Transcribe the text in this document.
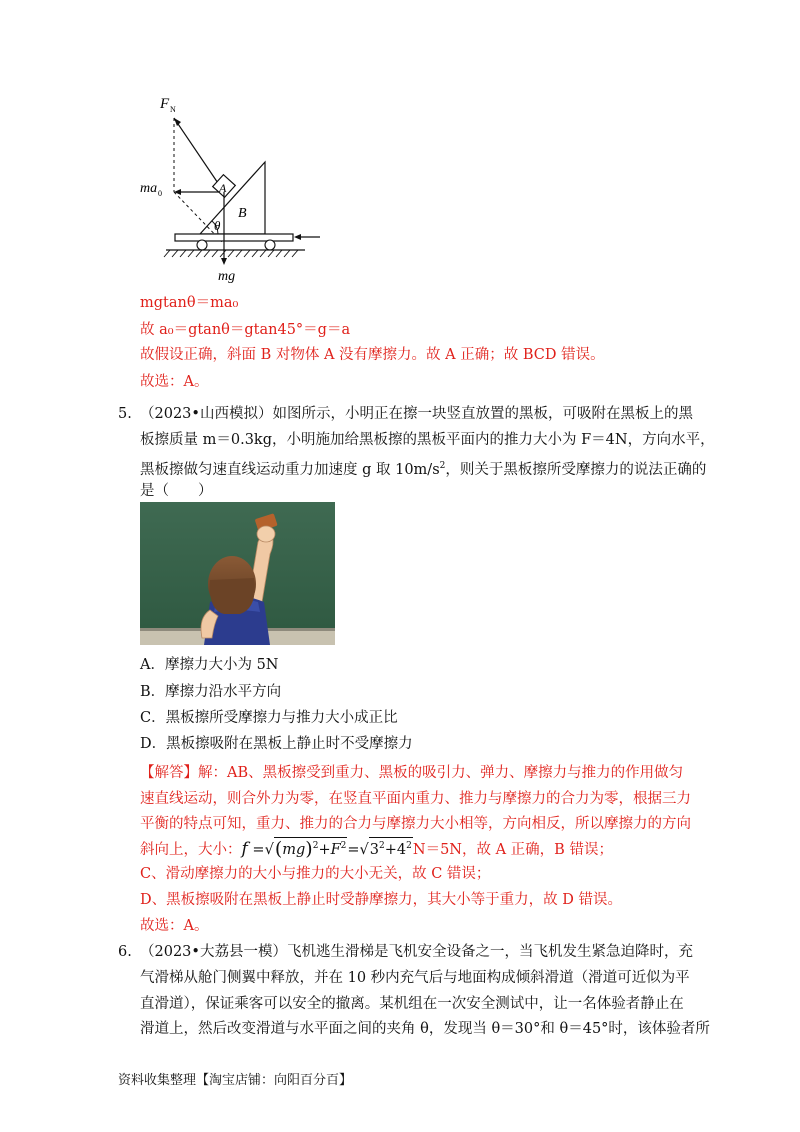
F N
ma 0	A
B
θ
mg
mgtanθ＝ma₀
故 a₀＝gtanθ＝gtan45°＝g＝a
故假设正确，斜面 B 对物体 A 没有摩擦力。故 A 正确；故 BCD 错误。
故选：A。
5. （2023•山西模拟）如图所示，小明正在擦一块竖直放置的黑板，可吸附在黑板上的黑
板擦质量 m＝0.3kg，小明施加给黑板擦的黑板平面内的推力大小为 F＝4N，方向水平，
黑板擦做匀速直线运动重力加速度 g 取 $10m/s^2$，则关于黑板擦所受摩擦力的说法正确的
是（　　）
A．摩擦力大小为 5N
B．摩擦力沿水平方向
C．黑板擦所受摩擦力与推力大小成正比
D．黑板擦吸附在黑板上静止时不受摩擦力
【解答】解：AB、黑板擦受到重力、黑板的吸引力、弹力、摩擦力与推力的作用做匀
速直线运动，则合外力为零，在竖直平面内重力、推力与摩擦力的合力为零，根据三力
平衡的特点可知，重力、推力的合力与摩擦力大小相等，方向相反，所以摩擦力的方向
斜向上，大小：$f =√(mg)^2+F^2=√3^2+4^2N=5N$，故 A 正确，B 错误；
C、滑动摩擦力的大小与推力的大小无关，故 C 错误；
D、黑板擦吸附在黑板上静止时受静摩擦力，其大小等于重力，故 D 错误。
故选：A。
6. （2023•大荔县一模）飞机逃生滑梯是飞机安全设备之一，当飞机发生紧急迫降时，充
气滑梯从舱门侧翼中释放，并在 10 秒内充气后与地面构成倾斜滑道（滑道可近似为平
直滑道），保证乘客可以安全的撤离。某机组在一次安全测试中，让一名体验者静止在
滑道上，然后改变滑道与水平面之间的夹角 θ，发现当 θ＝30°和 θ＝45°时，该体验者所
资料收集整理【淘宝店铺：向阳百分百】
